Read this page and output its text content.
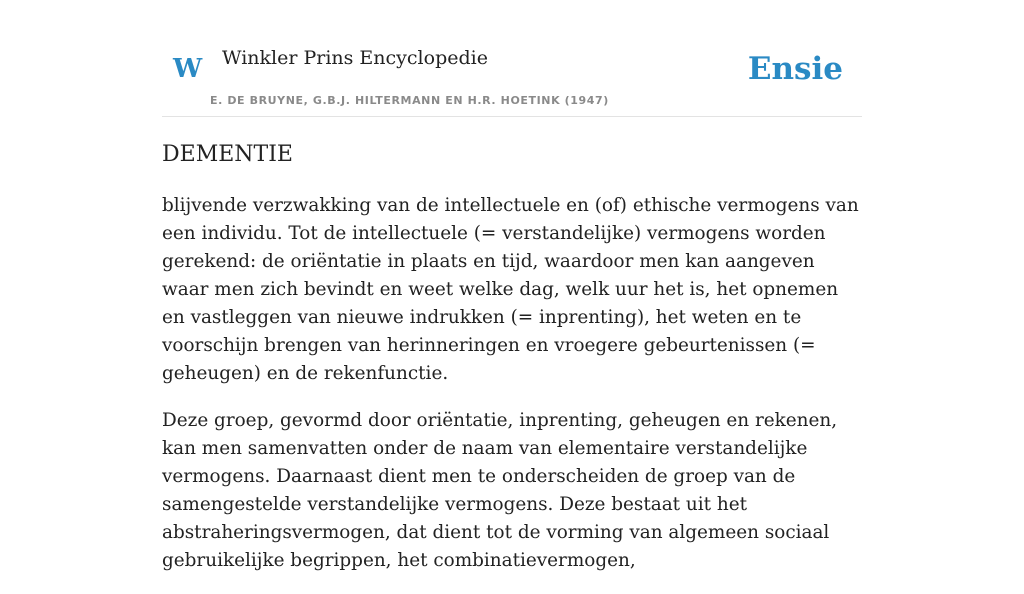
W Winkler Prins Encyclopedie
E. DE BRUYNE, G.B.J. HILTERMANN EN H.R. HOETINK (1947)
Ensie
DEMENTIE

blijvende verzwakking van de intellectuele en (of) ethische vermogens van een individu. Tot de intellectuele (= verstandelijke) vermogens worden gerekend: de oriëntatie in plaats en tijd, waardoor men kan aangeven waar men zich bevindt en weet welke dag, welk uur het is, het opnemen en vastleggen van nieuwe indrukken (= inprenting), het weten en te voorschijn brengen van herinneringen en vroegere gebeurtenissen (= geheugen) en de rekenfunctie.

Deze groep, gevormd door oriëntatie, inprenting, geheugen en rekenen, kan men samenvatten onder de naam van elementaire verstandelijke vermogens. Daarnaast dient men te onderscheiden de groep van de samengestelde verstandelijke vermogens. Deze bestaat uit het abstraheringsvermogen, dat dient tot de vorming van algemeen sociaal gebruikelijke begrippen, het combinatievermogen,
